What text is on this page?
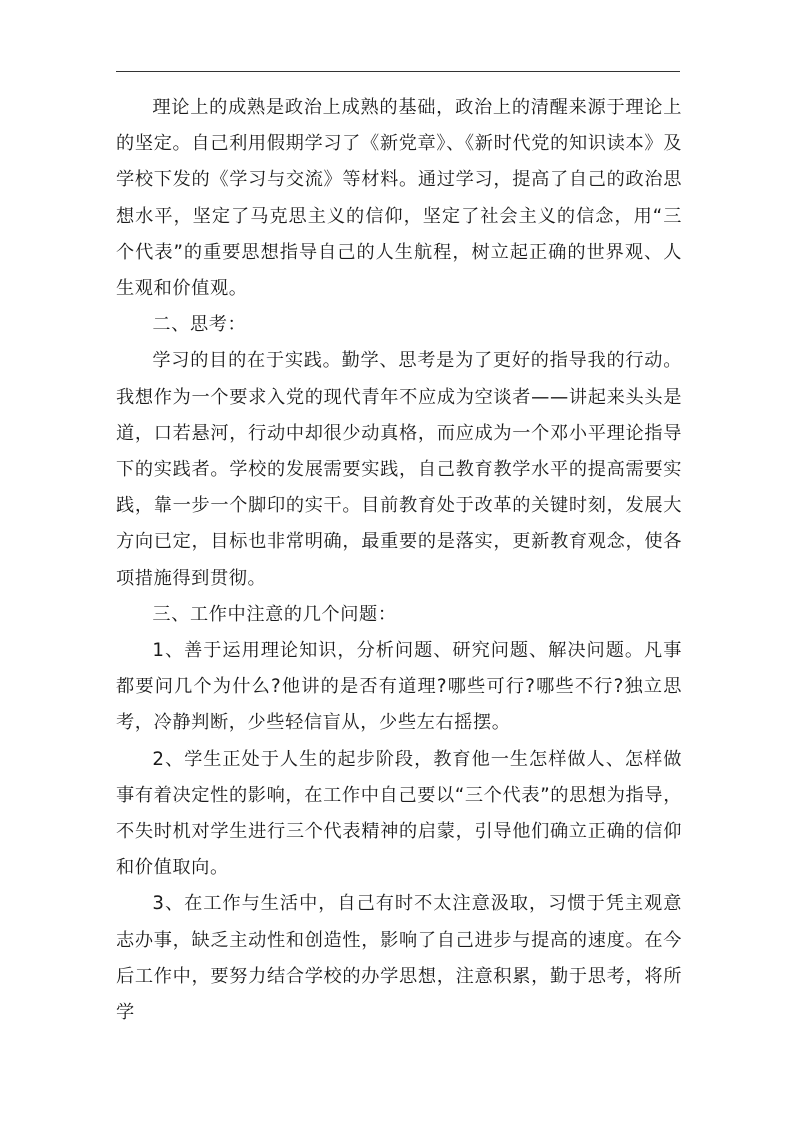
理论上的成熟是政治上成熟的基础，政治上的清醒来源于理论上的坚定。自己利用假期学习了《新党章》、《新时代党的知识读本》及学校下发的《学习与交流》等材料。通过学习，提高了自己的政治思想水平，坚定了马克思主义的信仰，坚定了社会主义的信念，用“三个代表”的重要思想指导自己的人生航程，树立起正确的世界观、人生观和价值观。

二、思考：

学习的目的在于实践。勤学、思考是为了更好的指导我的行动。我想作为一个要求入党的现代青年不应成为空谈者——讲起来头头是道，口若悬河，行动中却很少动真格，而应成为一个邓小平理论指导下的实践者。学校的发展需要实践，自己教育教学水平的提高需要实践，靠一步一个脚印的实干。目前教育处于改革的关键时刻，发展大方向已定，目标也非常明确，最重要的是落实，更新教育观念，使各项措施得到贯彻。

三、工作中注意的几个问题：

1、善于运用理论知识，分析问题、研究问题、解决问题。凡事都要问几个为什么?他讲的是否有道理?哪些可行?哪些不行?独立思考，冷静判断，少些轻信盲从，少些左右摇摆。

2、学生正处于人生的起步阶段，教育他一生怎样做人、怎样做事有着决定性的影响，在工作中自己要以“三个代表”的思想为指导，不失时机对学生进行三个代表精神的启蒙，引导他们确立正确的信仰和价值取向。

3、在工作与生活中，自己有时不太注意汲取，习惯于凭主观意志办事，缺乏主动性和创造性，影响了自己进步与提高的速度。在今后工作中，要努力结合学校的办学思想，注意积累，勤于思考，将所学
